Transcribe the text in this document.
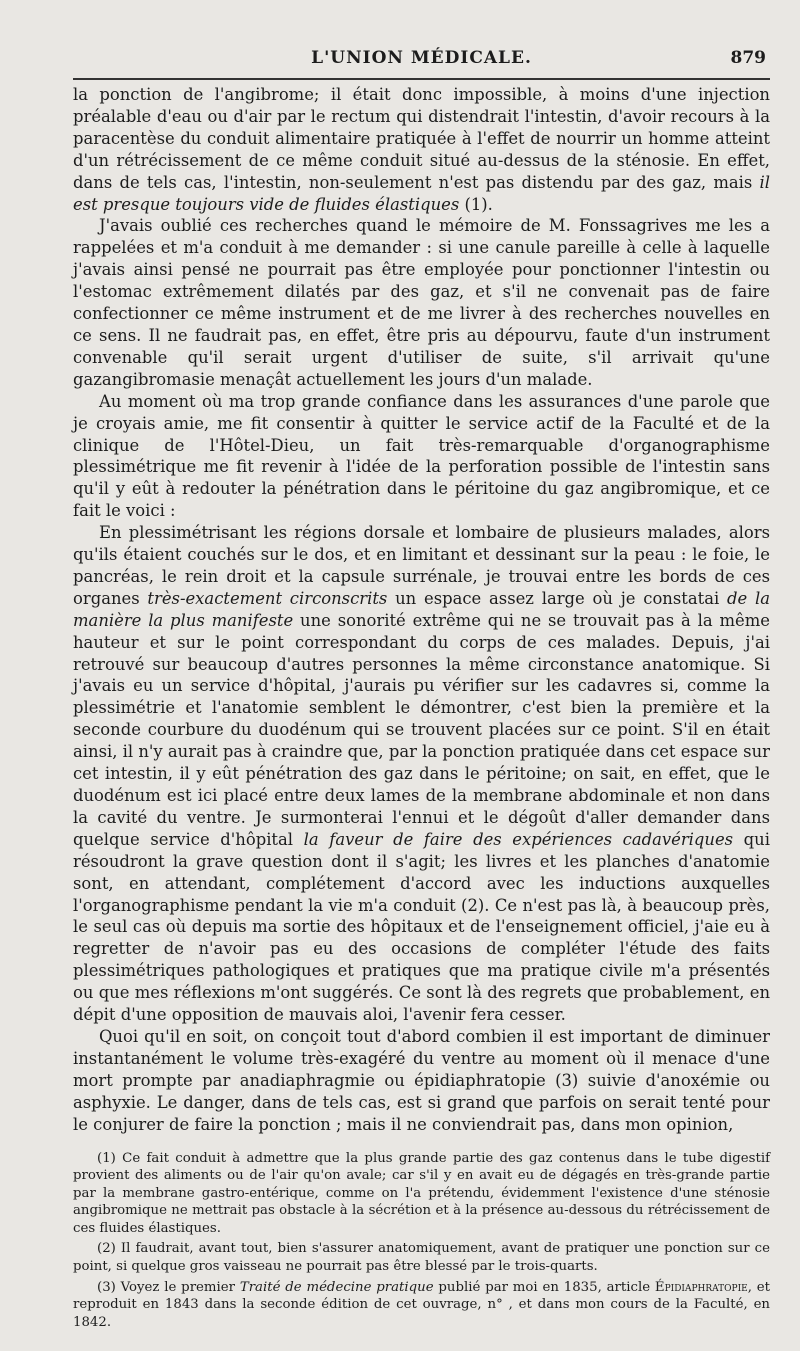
L'UNION MÉDICALE.	879

la ponction de l'angibrome; il était donc impossible, à moins d'une injection préalable d'eau ou d'air par le rectum qui distendrait l'intestin, d'avoir recours à la paracentèse du conduit alimentaire pratiquée à l'effet de nourrir un homme atteint d'un rétrécissement de ce même conduit situé au-dessus de la sténosie. En effet, dans de tels cas, l'intestin, non-seulement n'est pas distendu par des gaz, mais il est presque toujours vide de fluides élastiques (1).

J'avais oublié ces recherches quand le mémoire de M. Fonssagrives me les a rappelées et m'a conduit à me demander : si une canule pareille à celle à laquelle j'avais ainsi pensé ne pourrait pas être employée pour ponctionner l'intestin ou l'estomac extrêmement dilatés par des gaz, et s'il ne convenait pas de faire confectionner ce même instrument et de me livrer à des recherches nouvelles en ce sens. Il ne faudrait pas, en effet, être pris au dépourvu, faute d'un instrument convenable qu'il serait urgent d'utiliser de suite, s'il arrivait qu'une gazangibromasie menaçât actuellement les jours d'un malade.

Au moment où ma trop grande confiance dans les assurances d'une parole que je croyais amie, me fit consentir à quitter le service actif de la Faculté et de la clinique de l'Hôtel-Dieu, un fait très-remarquable d'organographisme plessimétrique me fit revenir à l'idée de la perforation possible de l'intestin sans qu'il y eût à redouter la pénétration dans le péritoine du gaz angibromique, et ce fait le voici :

En plessimétrisant les régions dorsale et lombaire de plusieurs malades, alors qu'ils étaient couchés sur le dos, et en limitant et dessinant sur la peau : le foie, le pancréas, le rein droit et la capsule surrénale, je trouvai entre les bords de ces organes très-exactement circonscrits un espace assez large où je constatai de la manière la plus manifeste une sonorité extrême qui ne se trouvait pas à la même hauteur et sur le point correspondant du corps de ces malades. Depuis, j'ai retrouvé sur beaucoup d'autres personnes la même circonstance anatomique. Si j'avais eu un service d'hôpital, j'aurais pu vérifier sur les cadavres si, comme la plessimétrie et l'anatomie semblent le démontrer, c'est bien la première et la seconde courbure du duodénum qui se trouvent placées sur ce point. S'il en était ainsi, il n'y aurait pas à craindre que, par la ponction pratiquée dans cet espace sur cet intestin, il y eût pénétration des gaz dans le péritoine; on sait, en effet, que le duodénum est ici placé entre deux lames de la membrane abdominale et non dans la cavité du ventre. Je surmonterai l'ennui et le dégoût d'aller demander dans quelque service d'hôpital la faveur de faire des expériences cadavériques qui résoudront la grave question dont il s'agit; les livres et les planches d'anatomie sont, en attendant, complétement d'accord avec les inductions auxquelles l'organographisme pendant la vie m'a conduit (2). Ce n'est pas là, à beaucoup près, le seul cas où depuis ma sortie des hôpitaux et de l'enseignement officiel, j'aie eu à regretter de n'avoir pas eu des occasions de compléter l'étude des faits plessimétriques pathologiques et pratiques que ma pratique civile m'a présentés ou que mes réflexions m'ont suggérés. Ce sont là des regrets que probablement, en dépit d'une opposition de mauvais aloi, l'avenir fera cesser.

Quoi qu'il en soit, on conçoit tout d'abord combien il est important de diminuer instantanément le volume très-exagéré du ventre au moment où il menace d'une mort prompte par anadiaphragmie ou épidiaphratopie (3) suivie d'anoxémie ou asphyxie. Le danger, dans de tels cas, est si grand que parfois on serait tenté pour le conjurer de faire la ponction ; mais il ne conviendrait pas, dans mon opinion,

(1) Ce fait conduit à admettre que la plus grande partie des gaz contenus dans le tube digestif provient des aliments ou de l'air qu'on avale; car s'il y en avait eu de dégagés en très-grande partie par la membrane gastro-entérique, comme on l'a prétendu, évidemment l'existence d'une sténosie angibromique ne mettrait pas obstacle à la sécrétion et à la présence au-dessous du rétrécissement de ces fluides élastiques.

(2) Il faudrait, avant tout, bien s'assurer anatomiquement, avant de pratiquer une ponction sur ce point, si quelque gros vaisseau ne pourrait pas être blessé par le trois-quarts.

(3) Voyez le premier Traité de médecine pratique publié par moi en 1835, article Épidiaphratopie, et reproduit en 1843 dans la seconde édition de cet ouvrage, n° , et dans mon cours de la Faculté, en 1842.
